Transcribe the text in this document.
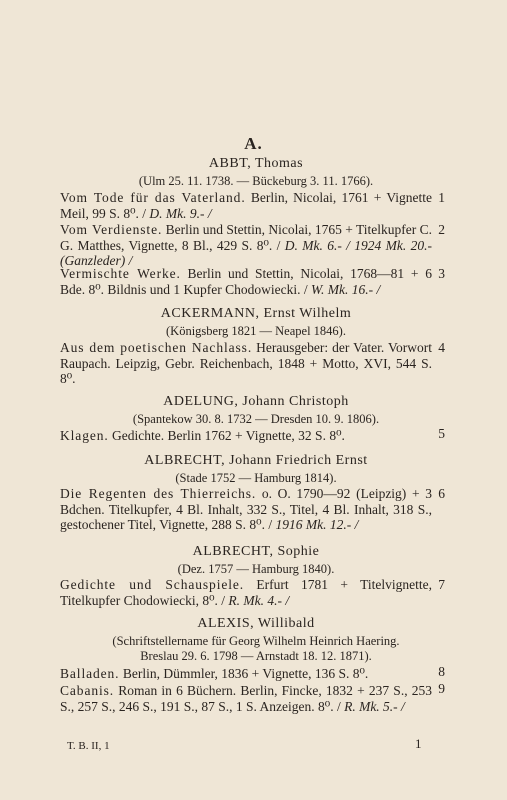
A.
ABBT, Thomas
(Ulm 25. 11. 1738. — Bückeburg 3. 11. 1766).
Vom Tode für das Vaterland. Berlin, Nicolai, 1761 + Vignette Meil, 99 S. 8⁰. / D. Mk. 9.- /
1
Vom Verdienste. Berlin und Stettin, Nicolai, 1765 + Titelkupfer C. G. Matthes, Vignette, 8 Bl., 429 S. 8⁰. / D. Mk. 6.- / 1924 Mk. 20.- (Ganzleder) /
2
Vermischte Werke. Berlin und Stettin, Nicolai, 1768—81 + 6 Bde. 8⁰. Bildnis und 1 Kupfer Chodowiecki. / W. Mk. 16.- /
3
ACKERMANN, Ernst Wilhelm
(Königsberg 1821 — Neapel 1846).
Aus dem poetischen Nachlass. Herausgeber: der Vater. Vorwort Raupach. Leipzig, Gebr. Reichenbach, 1848 + Motto, XVI, 544 S. 8⁰.
4
ADELUNG, Johann Christoph
(Spantekow 30. 8. 1732 — Dresden 10. 9. 1806).
Klagen. Gedichte. Berlin 1762 + Vignette, 32 S. 8⁰.	5
ALBRECHT, Johann Friedrich Ernst
(Stade 1752 — Hamburg 1814).
Die Regenten des Thierreichs. o. O. 1790—92 (Leipzig) + 3 Bdchen. Titelkupfer, 4 Bl. Inhalt, 332 S., Titel, 4 Bl. Inhalt, 318 S., gestochener Titel, Vignette, 288 S. 8⁰. / 1916 Mk. 12.- /
6
ALBRECHT, Sophie
(Dez. 1757 — Hamburg 1840).
Gedichte und Schauspiele. Erfurt 1781 + Titelvignette, Titelkupfer Chodowiecki, 8⁰. / R. Mk. 4.- /
7
ALEXIS, Willibald
(Schriftstellername für Georg Wilhelm Heinrich Haering.
Breslau 29. 6. 1798 — Arnstadt 18. 12. 1871).
Balladen. Berlin, Dümmler, 1836 + Vignette, 136 S. 8⁰.	8
Cabanis. Roman in 6 Büchern. Berlin, Fincke, 1832 + 237 S., 253 S., 257 S., 246 S., 191 S., 87 S., 1 S. Anzeigen. 8⁰. / R. Mk. 5.- /
9
T. B. II, 1	1
